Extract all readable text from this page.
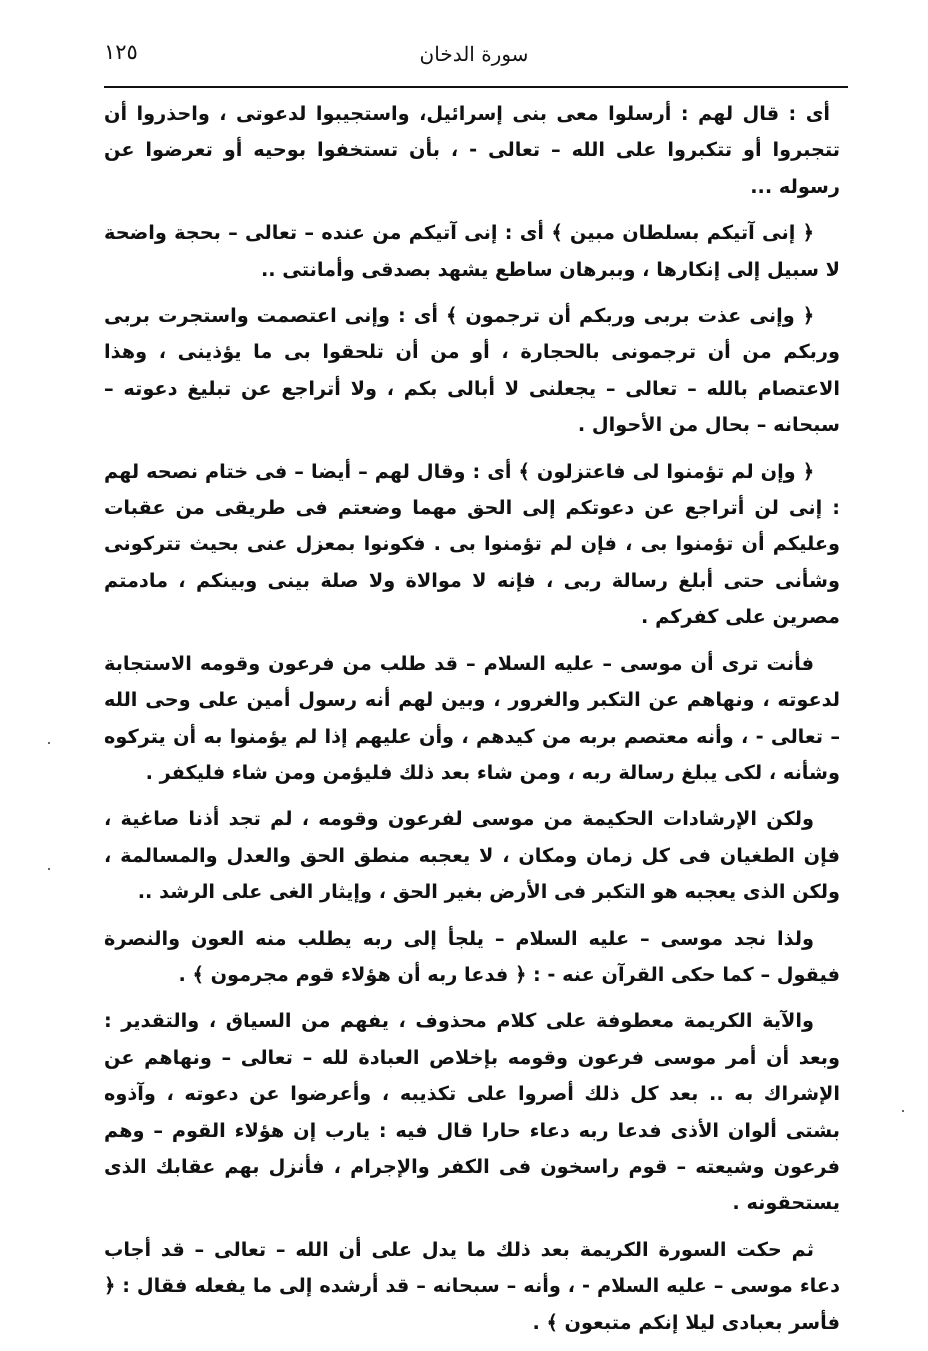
سورة الدخان
١٢٥

أى : قال لهم : أرسلوا معى بنى إسرائيل، واستجيبوا لدعوتى ، واحذروا أن تتجبروا أو تتكبروا على الله – تعالى - ، بأن تستخفوا بوحيه أو تعرضوا عن رسوله ...

﴿ إنى آتيكم بسلطان مبين ﴾ أى : إنى آتيكم من عنده – تعالى – بحجة واضحة لا سبيل إلى إنكارها ، وببرهان ساطع يشهد بصدقى وأمانتى ..

﴿ وإنى عذت بربى وربكم أن ترجمون ﴾ أى : وإنى اعتصمت واستجرت بربى وربكم من أن ترجمونى بالحجارة ، أو من أن تلحقوا بى ما يؤذينى ، وهذا الاعتصام بالله – تعالى – يجعلنى لا أبالى بكم ، ولا أتراجع عن تبليغ دعوته – سبحانه – بحال من الأحوال .

﴿ وإن لم تؤمنوا لى فاعتزلون ﴾ أى : وقال لهم – أيضا – فى ختام نصحه لهم : إنى لن أتراجع عن دعوتكم إلى الحق مهما وضعتم فى طريقى من عقبات وعليكم أن تؤمنوا بى ، فإن لم تؤمنوا بى . فكونوا بمعزل عنى بحيث تتركونى وشأنى حتى أبلغ رسالة ربى ، فإنه لا موالاة ولا صلة بينى وبينكم ، مادمتم مصرين على كفركم .

فأنت ترى أن موسى – عليه السلام – قد طلب من فرعون وقومه الاستجابة لدعوته ، ونهاهم عن التكبر والغرور ، وبين لهم أنه رسول أمين على وحى الله – تعالى - ، وأنه معتصم بربه من كيدهم ، وأن عليهم إذا لم يؤمنوا به أن يتركوه وشأنه ، لكى يبلغ رسالة ربه ، ومن شاء بعد ذلك فليؤمن ومن شاء فليكفر .

ولكن الإرشادات الحكيمة من موسى لفرعون وقومه ، لم تجد أذنا صاغية ، فإن الطغيان فى كل زمان ومكان ، لا يعجبه منطق الحق والعدل والمسالمة ، ولكن الذى يعجبه هو التكبر فى الأرض بغير الحق ، وإيثار الغى على الرشد ..

ولذا نجد موسى – عليه السلام – يلجأ إلى ربه يطلب منه العون والنصرة فيقول – كما حكى القرآن عنه - : ﴿ فدعا ربه أن هؤلاء قوم مجرمون ﴾ .

والآية الكريمة معطوفة على كلام محذوف ، يفهم من السياق ، والتقدير : وبعد أن أمر موسى فرعون وقومه بإخلاص العبادة لله – تعالى – ونهاهم عن الإشراك به .. بعد كل ذلك أصروا على تكذيبه ، وأعرضوا عن دعوته ، وآذوه بشتى ألوان الأذى فدعا ربه دعاء حارا قال فيه : يارب إن هؤلاء القوم – وهم فرعون وشيعته – قوم راسخون فى الكفر والإجرام ، فأنزل بهم عقابك الذى يستحقونه .

ثم حكت السورة الكريمة بعد ذلك ما يدل على أن الله – تعالى – قد أجاب دعاء موسى – عليه السلام - ، وأنه – سبحانه – قد أرشده إلى ما يفعله فقال : ﴿ فأسر بعبادى ليلا إنكم متبعون ﴾ .
